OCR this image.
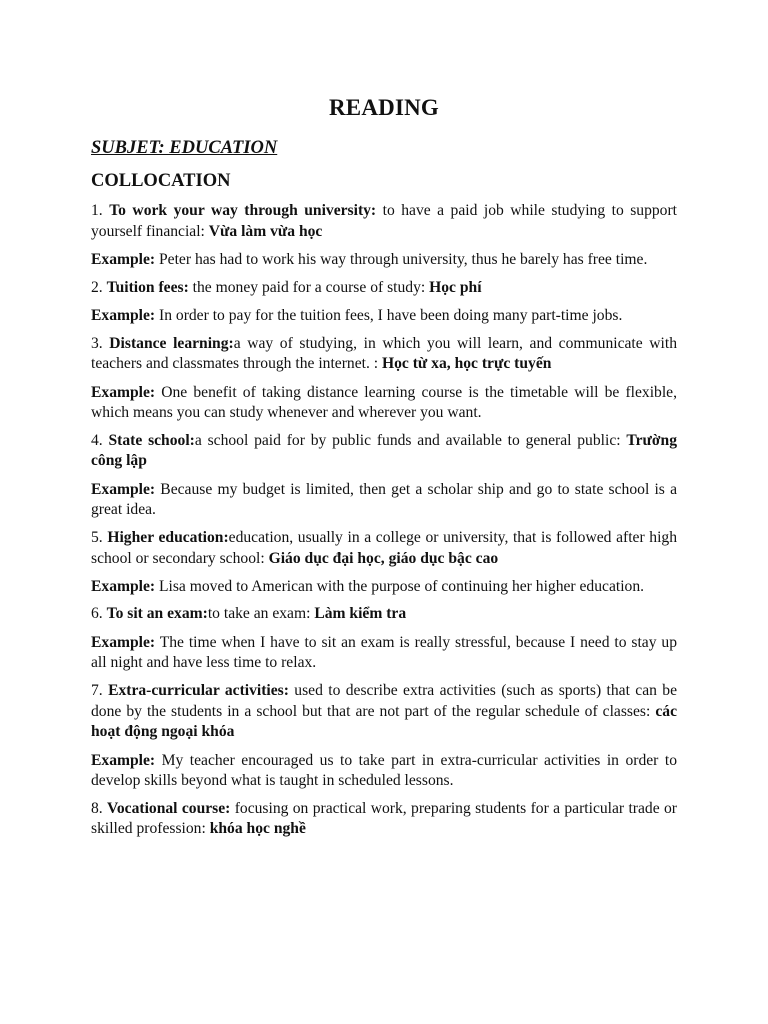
READING
SUBJET: EDUCATION
COLLOCATION

1. To work your way through university: to have a paid job while studying to support yourself financial: Vừa làm vừa học

Example: Peter has had to work his way through university, thus he barely has free time.

2. Tuition fees: the money paid for a course of study: Học phí

Example: In order to pay for the tuition fees, I have been doing many part-time jobs.

3. Distance learning:a way of studying, in which you will learn, and communicate with teachers and classmates through the internet. : Học từ xa, học trực tuyến

Example: One benefit of taking distance learning course is the timetable will be flexible, which means you can study whenever and wherever you want.

4. State school:a school paid for by public funds and available to general public: Trường công lập

Example: Because my budget is limited, then get a scholar ship and go to state school is a great idea.

5. Higher education:education, usually in a college or university, that is followed after high school or secondary school: Giáo dục đại học, giáo dục bậc cao

Example: Lisa moved to American with the purpose of continuing her higher education.

6. To sit an exam:to take an exam: Làm kiểm tra

Example: The time when I have to sit an exam is really stressful, because I need to stay up all night and have less time to relax.

7. Extra-curricular activities: used to describe extra activities (such as sports) that can be done by the students in a school but that are not part of the regular schedule of classes: các hoạt động ngoại khóa

Example: My teacher encouraged us to take part in extra-curricular activities in order to develop skills beyond what is taught in scheduled lessons.

8. Vocational course: focusing on practical work, preparing students for a particular trade or skilled profession: khóa học nghề
